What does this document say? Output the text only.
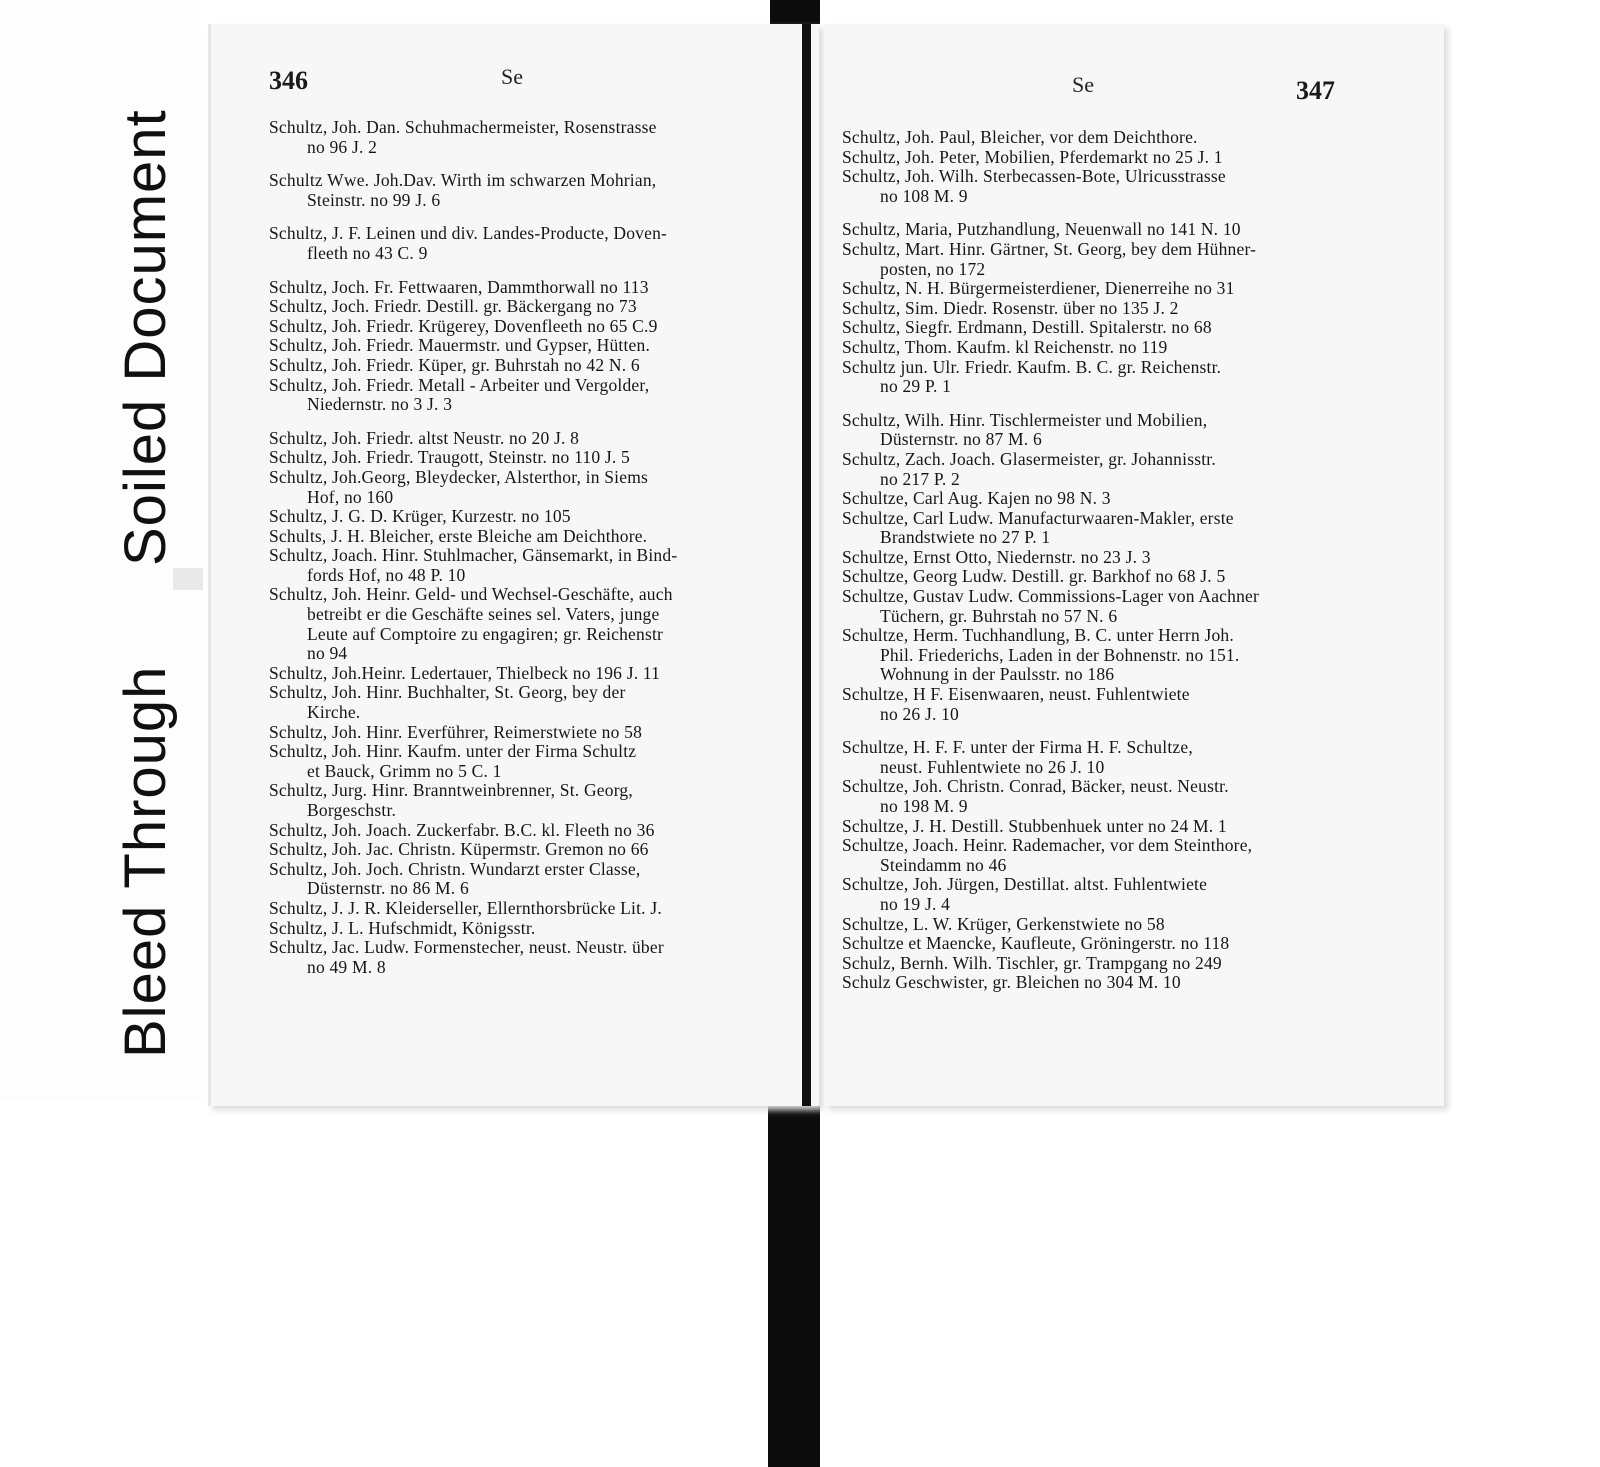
Bleed Through
Soiled Document
346	Se
Schultz, Joh. Dan. Schuhmachermeister, Rosenstrasse
no 96 J. 2
Schultz Wwe. Joh.Dav. Wirth im schwarzen Mohrian,
Steinstr. no 99 J. 6
Schultz, J. F. Leinen und div. Landes-Producte, Doven-
fleeth no 43 C. 9
Schultz, Joch. Fr. Fettwaaren, Dammthorwall no 113
Schultz, Joch. Friedr. Destill. gr. Bäckergang no 73
Schultz, Joh. Friedr. Krügerey, Dovenfleeth no 65 C.9
Schultz, Joh. Friedr. Mauermstr. und Gypser, Hütten.
Schultz, Joh. Friedr. Küper, gr. Buhrstah no 42 N. 6
Schultz, Joh. Friedr. Metall - Arbeiter und Vergolder,
Niedernstr. no 3 J. 3
Schultz, Joh. Friedr. altst Neustr. no 20 J. 8
Schultz, Joh. Friedr. Traugott, Steinstr. no 110 J. 5
Schultz, Joh.Georg, Bleydecker, Alsterthor, in Siems
Hof, no 160
Schultz, J. G. D. Krüger, Kurzestr. no 105
Schults, J. H. Bleicher, erste Bleiche am Deichthore.
Schultz, Joach. Hinr. Stuhlmacher, Gänsemarkt, in Bind-
fords Hof, no 48 P. 10
Schultz, Joh. Heinr. Geld- und Wechsel-Geschäfte, auch
betreibt er die Geschäfte seines sel. Vaters, junge
Leute auf Comptoire zu engagiren; gr. Reichenstr
no 94
Schultz, Joh.Heinr. Ledertauer, Thielbeck no 196 J. 11
Schultz, Joh. Hinr. Buchhalter, St. Georg, bey der
Kirche.
Schultz, Joh. Hinr. Everführer, Reimerstwiete no 58
Schultz, Joh. Hinr. Kaufm. unter der Firma Schultz
et Bauck, Grimm no 5 C. 1
Schultz, Jurg. Hinr. Branntweinbrenner, St. Georg,
Borgeschstr.
Schultz, Joh. Joach. Zuckerfabr. B.C. kl. Fleeth no 36
Schultz, Joh. Jac. Christn. Küpermstr. Gremon no 66
Schultz, Joh. Joch. Christn. Wundarzt erster Classe,
Düsternstr. no 86 M. 6
Schultz, J. J. R. Kleiderseller, Ellernthorsbrücke Lit. J.
Schultz, J. L. Hufschmidt, Königsstr.
Schultz, Jac. Ludw. Formenstecher, neust. Neustr. über
no 49 M. 8
Se	347
Schultz, Joh. Paul, Bleicher, vor dem Deichthore.
Schultz, Joh. Peter, Mobilien, Pferdemarkt no 25 J. 1
Schultz, Joh. Wilh. Sterbecassen-Bote, Ulricusstrasse
no 108 M. 9
Schultz, Maria, Putzhandlung, Neuenwall no 141 N. 10
Schultz, Mart. Hinr. Gärtner, St. Georg, bey dem Hühner-
posten, no 172
Schultz, N. H. Bürgermeisterdiener, Dienerreihe no 31
Schultz, Sim. Diedr. Rosenstr. über no 135 J. 2
Schultz, Siegfr. Erdmann, Destill. Spitalerstr. no 68
Schultz, Thom. Kaufm. kl Reichenstr. no 119
Schultz jun. Ulr. Friedr. Kaufm. B. C. gr. Reichenstr.
no 29 P. 1
Schultz, Wilh. Hinr. Tischlermeister und Mobilien,
Düsternstr. no 87 M. 6
Schultz, Zach. Joach. Glasermeister, gr. Johannisstr.
no 217 P. 2
Schultze, Carl Aug. Kajen no 98 N. 3
Schultze, Carl Ludw. Manufacturwaaren-Makler, erste
Brandstwiete no 27 P. 1
Schultze, Ernst Otto, Niedernstr. no 23 J. 3
Schultze, Georg Ludw. Destill. gr. Barkhof no 68 J. 5
Schultze, Gustav Ludw. Commissions-Lager von Aachner
Tüchern, gr. Buhrstah no 57 N. 6
Schultze, Herm. Tuchhandlung, B. C. unter Herrn Joh.
Phil. Friederichs, Laden in der Bohnenstr. no 151.
Wohnung in der Paulsstr. no 186
Schultze, H F. Eisenwaaren, neust. Fuhlentwiete
no 26 J. 10
Schultze, H. F. F. unter der Firma H. F. Schultze,
neust. Fuhlentwiete no 26 J. 10
Schultze, Joh. Christn. Conrad, Bäcker, neust. Neustr.
no 198 M. 9
Schultze, J. H. Destill. Stubbenhuek unter no 24 M. 1
Schultze, Joach. Heinr. Rademacher, vor dem Steinthore,
Steindamm no 46
Schultze, Joh. Jürgen, Destillat. altst. Fuhlentwiete
no 19 J. 4
Schultze, L. W. Krüger, Gerkenstwiete no 58
Schultze et Maencke, Kaufleute, Gröningerstr. no 118
Schulz, Bernh. Wilh. Tischler, gr. Trampgang no 249
Schulz Geschwister, gr. Bleichen no 304 M. 10
